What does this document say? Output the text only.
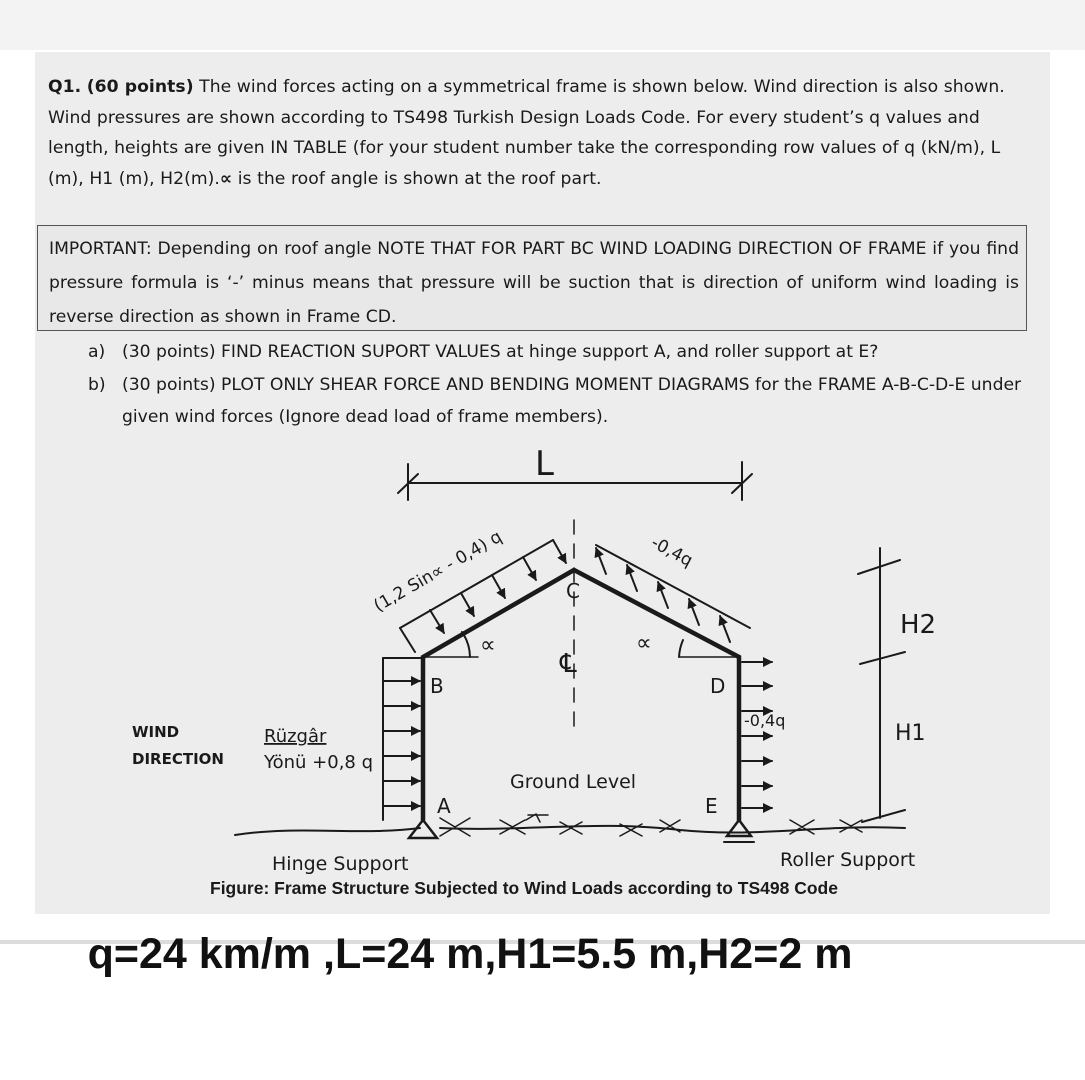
Q1. (60 points) The wind forces acting on a symmetrical frame is shown below. Wind direction is also shown. Wind pressures are shown according to TS498 Turkish Design Loads Code. For every student’s q values and length, heights are given IN TABLE (for your student number take the corresponding row values of q (kN/m), L (m), H1 (m), H2(m).∝ is the roof angle is shown at the roof part.

IMPORTANT: Depending on roof angle NOTE THAT FOR PART BC WIND LOADING DIRECTION OF FRAME if you find pressure formula is ‘-’ minus means that pressure will be suction that is direction of uniform wind loading is reverse direction as shown in Frame CD.

a) (30 points) FIND REACTION SUPORT VALUES at hinge support A, and roller support at E?
b) (30 points) PLOT ONLY SHEAR FORCE AND BENDING MOMENT DIAGRAMS for the FRAME A-B-C-D-E under given wind forces (Ignore dead load of frame members).
L
H2
H1
(1,2 Sin∝ - 0,4) q	-0,4q
-0,4q
Yönü +0,8 q
WIND
DIRECTION
Rüzgâr
∝	∝
℄
Ground Level
A
B
C
D
E
Hinge Support	Roller Support
Figure: Frame Structure Subjected to Wind Loads according to TS498 Code
q=24 km/m ,L=24 m,H1=5.5 m,H2=2 m
